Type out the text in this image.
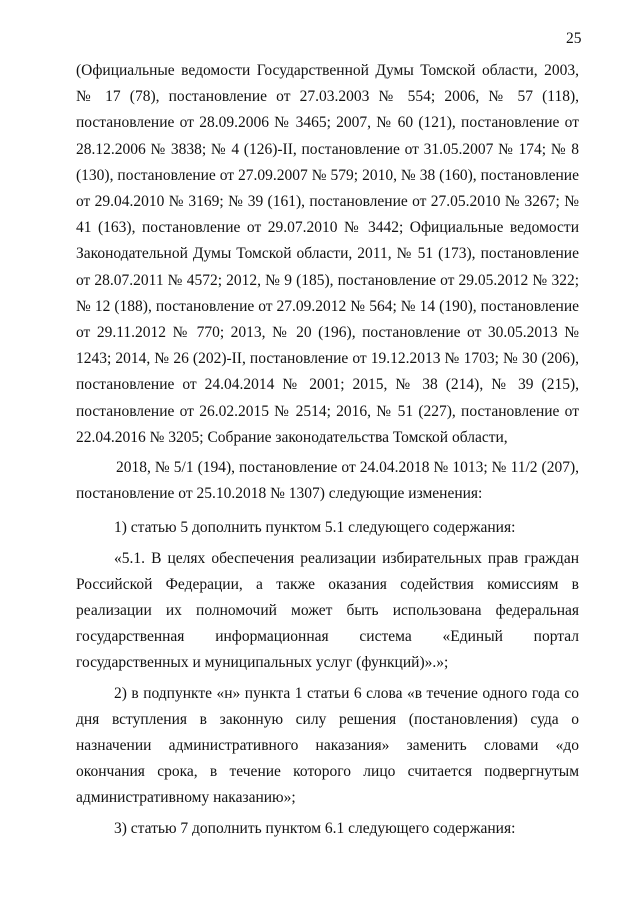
25

(Официальные ведомости Государственной Думы Томской области, 2003, № 17 (78), постановление от 27.03.2003 № 554; 2006, № 57 (118), постановление от 28.09.2006 № 3465; 2007, № 60 (121), постановление от 28.12.2006 № 3838; № 4 (126)-II, постановление от 31.05.2007 № 174; № 8 (130), постановление от 27.09.2007 № 579; 2010, № 38 (160), постановление от 29.04.2010 № 3169; № 39 (161), постановление от 27.05.2010 № 3267; № 41 (163), постановление от 29.07.2010 № 3442; Официальные ведомости Законодательной Думы Томской области, 2011, № 51 (173), постановление от 28.07.2011 № 4572; 2012, № 9 (185), постановление от 29.05.2012 № 322; № 12 (188), постановление от 27.09.2012 № 564; № 14 (190), постановление от 29.11.2012 № 770; 2013, № 20 (196), постановление от 30.05.2013 № 1243; 2014, № 26 (202)-II, постановление от 19.12.2013 № 1703; № 30 (206), постановление от 24.04.2014 № 2001; 2015, № 38 (214), № 39 (215), постановление от 26.02.2015 № 2514; 2016, № 51 (227), постановление от 22.04.2016 № 3205; Собрание законодательства Томской области,

2018, № 5/1 (194), постановление от 24.04.2018 № 1013; № 11/2 (207), постановление от 25.10.2018 № 1307) следующие изменения:

1) статью 5 дополнить пунктом 5.1 следующего содержания:

«5.1. В целях обеспечения реализации избирательных прав граждан Российской Федерации, а также оказания содействия комиссиям в реализации их полномочий может быть использована федеральная государственная информационная система «Единый портал государственных и муниципальных услуг (функций)».»;

2) в подпункте «н» пункта 1 статьи 6 слова «в течение одного года со дня вступления в законную силу решения (постановления) суда о назначении административного наказания» заменить словами «до окончания срока, в течение которого лицо считается подвергнутым административному наказанию»;

3) статью 7 дополнить пунктом 6.1 следующего содержания:
